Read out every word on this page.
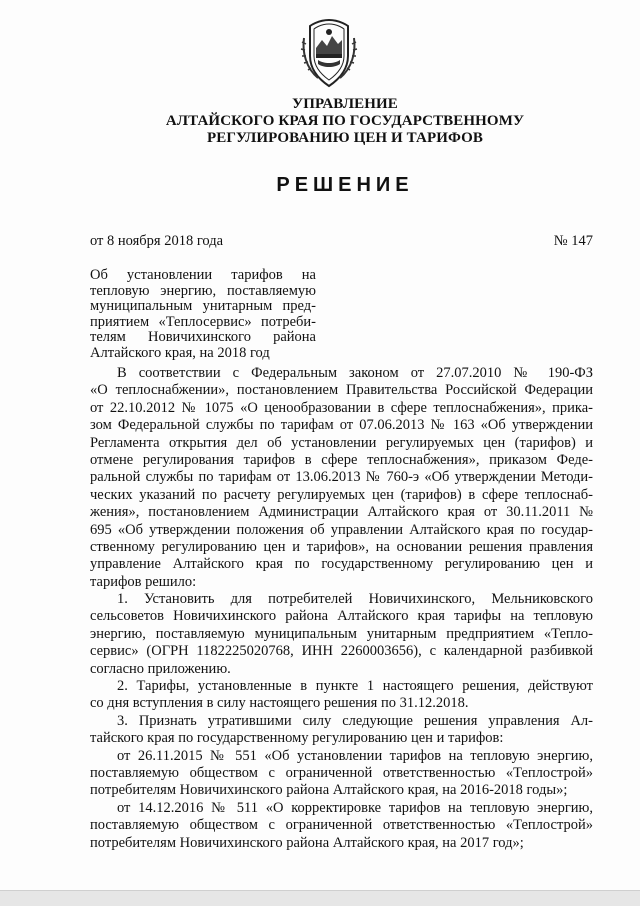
УПРАВЛЕНИЕ
АЛТАЙСКОГО КРАЯ ПО ГОСУДАРСТВЕННОМУ
РЕГУЛИРОВАНИЮ ЦЕН И ТАРИФОВ
РЕШЕНИЕ
от 8 ноября 2018 года	№ 147
Об установлении тарифов на
тепловую энергию, поставляемую
муниципальным унитарным пред-
приятием «Теплосервис» потреби-
телям Новичихинского района
Алтайского края, на 2018 год
В соответствии с Федеральным законом от 27.07.2010 № 190-ФЗ
«О теплоснабжении», постановлением Правительства Российской Федерации
от 22.10.2012 № 1075 «О ценообразовании в сфере теплоснабжения», прика-
зом Федеральной службы по тарифам от 07.06.2013 № 163 «Об утверждении
Регламента открытия дел об установлении регулируемых цен (тарифов) и
отмене регулирования тарифов в сфере теплоснабжения», приказом Феде-
ральной службы по тарифам от 13.06.2013 № 760-э «Об утверждении Методи-
ческих указаний по расчету регулируемых цен (тарифов) в сфере теплоснаб-
жения», постановлением Администрации Алтайского края от 30.11.2011 №
695 «Об утверждении положения об управлении Алтайского края по государ-
ственному регулированию цен и тарифов», на основании решения правления
управление Алтайского края по государственному регулированию цен и
тарифов решило:
1. Установить для потребителей Новичихинского, Мельниковского
сельсоветов Новичихинского района Алтайского края тарифы на тепловую
энергию, поставляемую муниципальным унитарным предприятием «Тепло-
сервис» (ОГРН 1182225020768, ИНН 2260003656), с календарной разбивкой
согласно приложению.
2. Тарифы, установленные в пункте 1 настоящего решения, действуют
со дня вступления в силу настоящего решения по 31.12.2018.
3. Признать утратившими силу следующие решения управления Ал-
тайского края по государственному регулированию цен и тарифов:
от 26.11.2015 № 551 «Об установлении тарифов на тепловую энергию,
поставляемую обществом с ограниченной ответственностью «Теплострой»
потребителям Новичихинского района Алтайского края, на 2016-2018 годы»;
от 14.12.2016 № 511 «О корректировке тарифов на тепловую энергию,
поставляемую обществом с ограниченной ответственностью «Теплострой»
потребителям Новичихинского района Алтайского края, на 2017 год»;
